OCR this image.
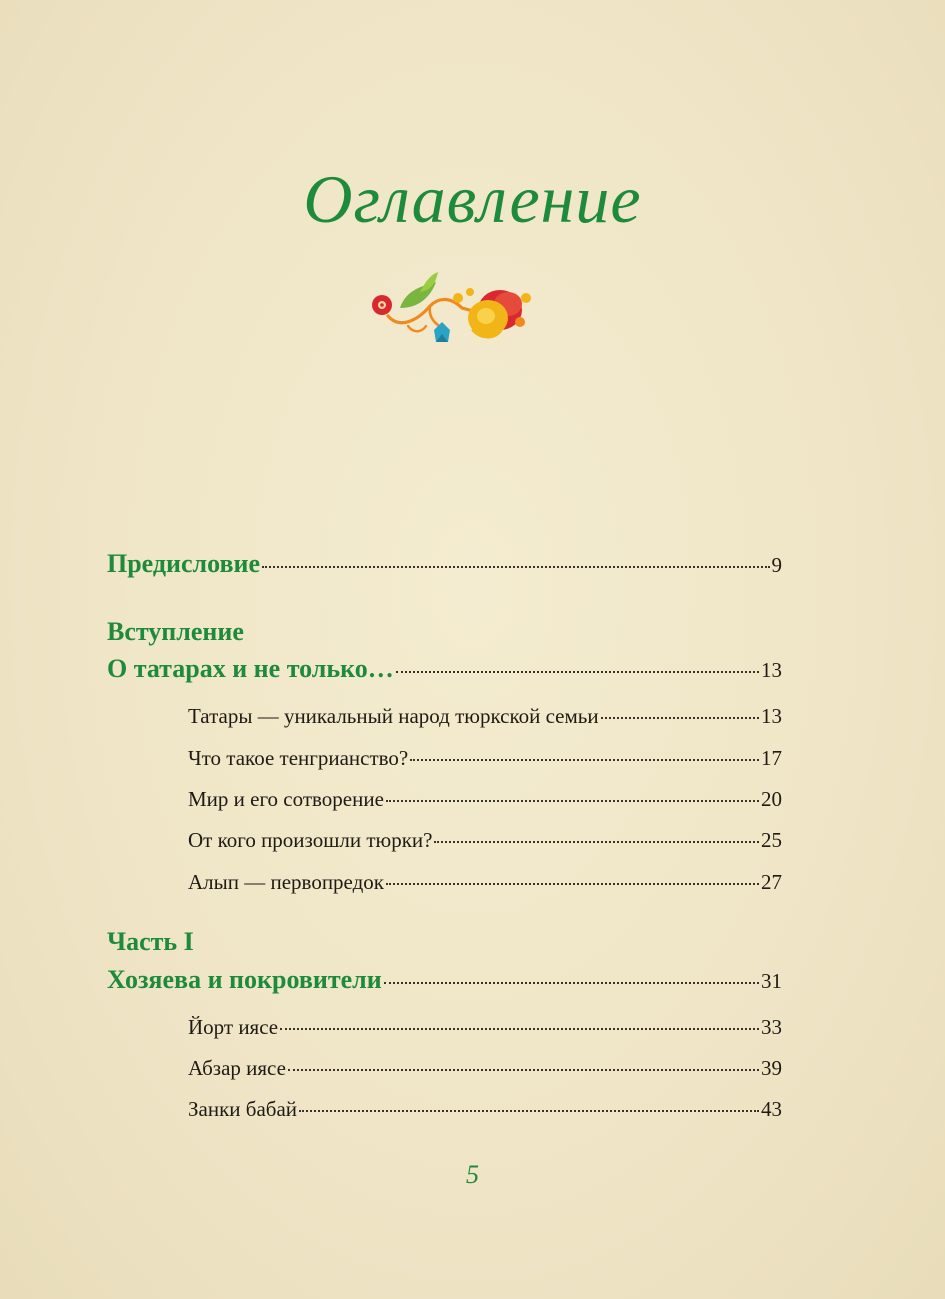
Оглавление
Предисловие	9
Вступление
О татарах и не только…	13
Татары — уникальный народ тюркской семьи	13
Что такое тенгрианство?	17
Мир и его сотворение	20
От кого произошли тюрки?	25
Алып — первопредок	27
Часть I
Хозяева и покровители	31
Йорт иясе	33
Абзар иясе	39
Занки бабай	43
5
